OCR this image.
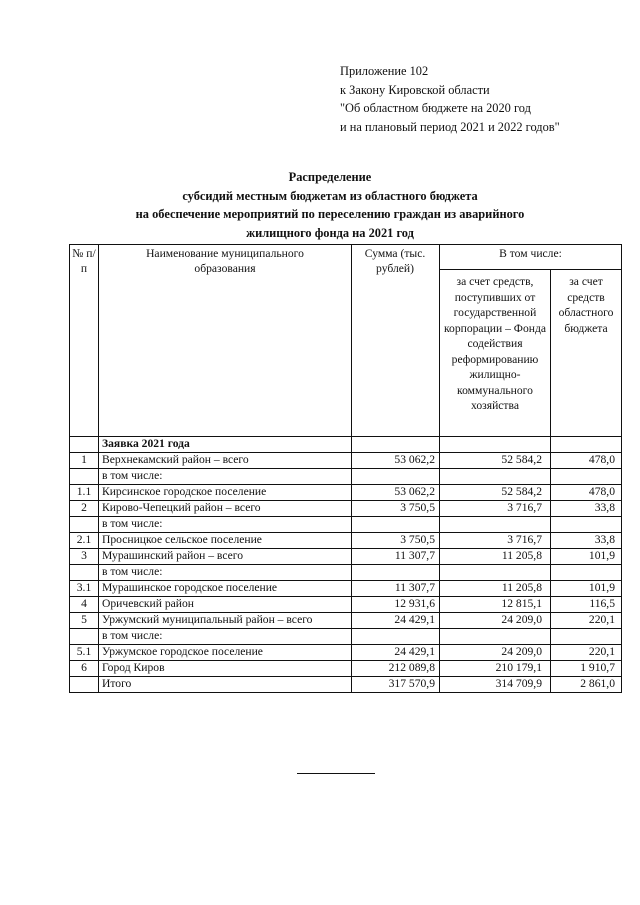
Приложение 102
к Закону Кировской области
"Об областном бюджете на 2020 год
и на плановый период 2021 и 2022 годов"
Распределение
субсидий местным бюджетам из областного бюджета
на обеспечение мероприятий по переселению граждан из аварийного
жилищного фонда на 2021 год
№ п/п	Наименование муниципального образования	Сумма (тыс. рублей)	В том числе:	
			за счет средств, поступивших от государственной корпорации – Фонда содействия реформированию жилищно-коммунального хозяйства	за счет средств областного бюджета
	Заявка 2021 года			
1	Верхнекамский район – всего	53 062,2	52 584,2	478,0
	в том числе:			
1.1	Кирсинское городское поселение	53 062,2	52 584,2	478,0
2	Кирово-Чепецкий район – всего	3 750,5	3 716,7	33,8
	в том числе:			
2.1	Просницкое сельское поселение	3 750,5	3 716,7	33,8
3	Мурашинский район – всего	11 307,7	11 205,8	101,9
	в том числе:			
3.1	Мурашинское городское поселение	11 307,7	11 205,8	101,9
4	Оричевский район	12 931,6	12 815,1	116,5
5	Уржумский муниципальный район – всего	24 429,1	24 209,0	220,1
	в том числе:			
5.1	Уржумское городское поселение	24 429,1	24 209,0	220,1
6	Город Киров	212 089,8	210 179,1	1 910,7
	Итого	317 570,9	314 709,9	2 861,0
